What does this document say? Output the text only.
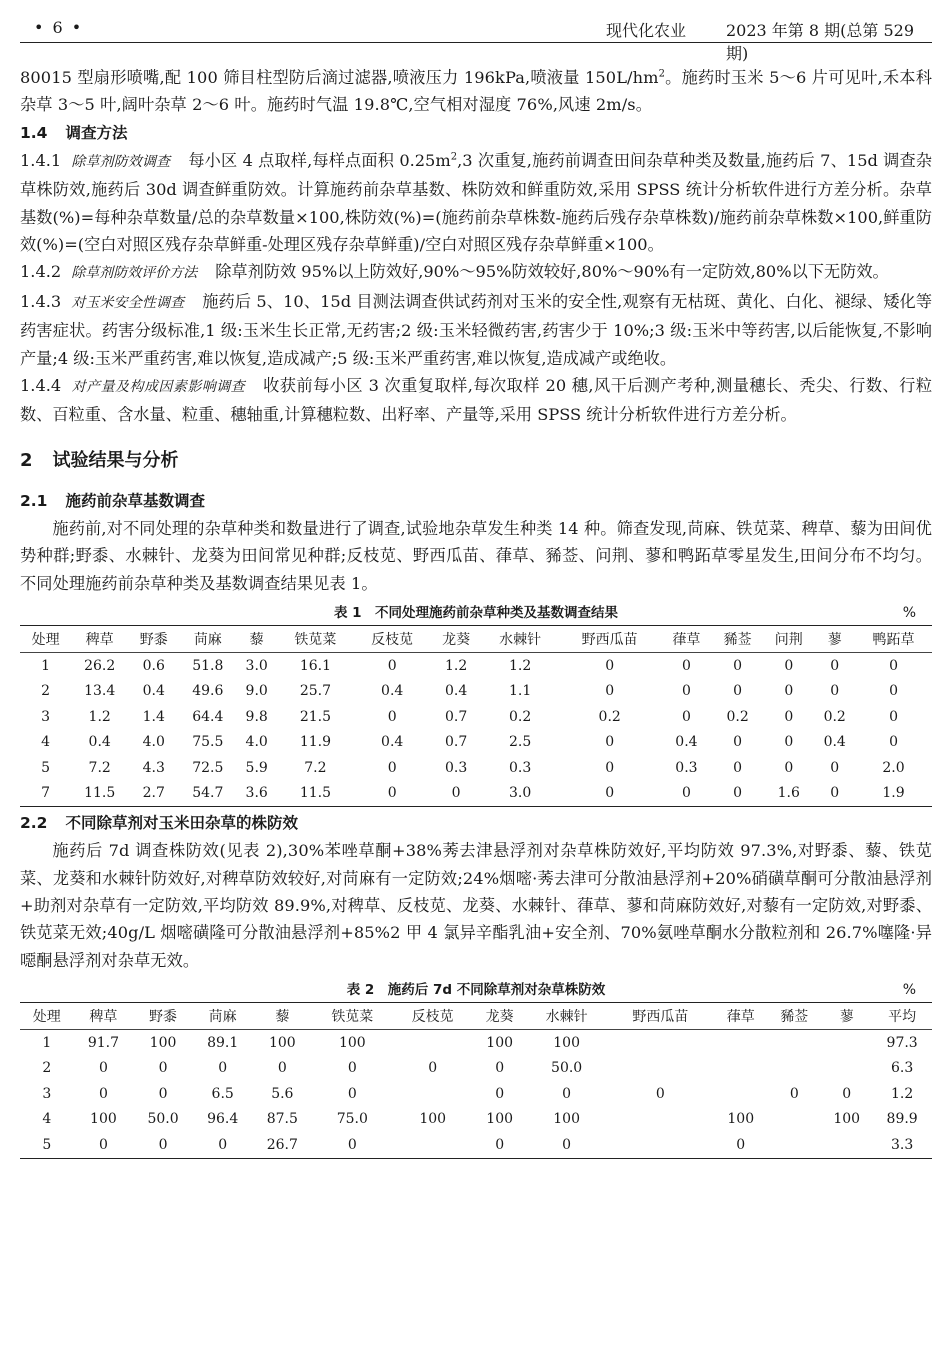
• 6 •	现代化农业 2023 年第 8 期(总第 529 期)

80015 型扇形喷嘴,配 100 筛目柱型防后滴过滤器,喷液压力 196kPa,喷液量 $150L/hm^2$。施药时玉米 5～6 片可见叶,禾本科杂草 3～5 叶,阔叶杂草 2～6 叶。施药时气温 19.8℃,空气相对湿度 76%,风速 2m/s。

1.4 调查方法

1.4.1 除草剂防效调查 每小区 4 点取样,每样点面积 $0.25m^2,3$ 次重复,施药前调查田间杂草种类及数量,施药后 7、15d 调查杂草株防效,施药后 30d 调查鲜重防效。计算施药前杂草基数、株防效和鲜重防效,采用 SPSS 统计分析软件进行方差分析。杂草基数(%)=每种杂草数量/总的杂草数量×100,株防效(%)=(施药前杂草株数-施药后残存杂草株数)/施药前杂草株数×100,鲜重防效(%)=(空白对照区残存杂草鲜重-处理区残存杂草鲜重)/空白对照区残存杂草鲜重×100。

1.4.2 除草剂防效评价方法 除草剂防效 95%以上防效好,90%～95%防效较好,80%～90%有一定防效,80%以下无防效。

1.4.3 对玉米安全性调查 施药后 5、10、15d 目测法调查供试药剂对玉米的安全性,观察有无枯斑、黄化、白化、褪绿、矮化等药害症状。药害分级标准,1 级:玉米生长正常,无药害;2 级:玉米轻微药害,药害少于 10%;3 级:玉米中等药害,以后能恢复,不影响产量;4 级:玉米严重药害,难以恢复,造成减产;5 级:玉米严重药害,难以恢复,造成减产或绝收。

1.4.4 对产量及构成因素影响调查 收获前每小区 3 次重复取样,每次取样 20 穗,风干后测产考种,测量穗长、秃尖、行数、行粒数、百粒重、含水量、粒重、穗轴重,计算穗粒数、出籽率、产量等,采用 SPSS 统计分析软件进行方差分析。

2 试验结果与分析
2.1 施药前杂草基数调查

施药前,对不同处理的杂草种类和数量进行了调查,试验地杂草发生种类 14 种。筛查发现,苘麻、铁苋菜、稗草、藜为田间优势种群;野黍、水棘针、龙葵为田间常见种群;反枝苋、野西瓜苗、葎草、豨莶、问荆、蓼和鸭跖草零星发生,田间分布不均匀。不同处理施药前杂草种类及基数调查结果见表 1。

表 1　不同处理施药前杂草种类及基数调查结果	%
处理	稗草	野黍	苘麻	藜	铁苋菜	反枝苋	龙葵	水棘针	野西瓜苗	葎草	豨莶	问荆	蓼	鸭跖草
1	26.2	0.6	51.8	3.0	16.1	0	1.2	1.2	0	0	0	0	0	0
2	13.4	0.4	49.6	9.0	25.7	0.4	0.4	1.1	0	0	0	0	0	0
3	1.2	1.4	64.4	9.8	21.5	0	0.7	0.2	0.2	0	0.2	0	0.2	0
4	0.4	4.0	75.5	4.0	11.9	0.4	0.7	2.5	0	0.4	0	0	0.4	0
5	7.2	4.3	72.5	5.9	7.2	0	0.3	0.3	0	0.3	0	0	0	2.0
7	11.5	2.7	54.7	3.6	11.5	0	0	3.0	0	0	0	1.6	0	1.9
2.2 不同除草剂对玉米田杂草的株防效

施药后 7d 调查株防效(见表 2),30%苯唑草酮+38%莠去津悬浮剂对杂草株防效好,平均防效 97.3%,对野黍、藜、铁苋菜、龙葵和水棘针防效好,对稗草防效较好,对苘麻有一定防效;24%烟嘧·莠去津可分散油悬浮剂+20%硝磺草酮可分散油悬浮剂+助剂对杂草有一定防效,平均防效 89.9%,对稗草、反枝苋、龙葵、水棘针、葎草、蓼和苘麻防效好,对藜有一定防效,对野黍、铁苋菜无效;40g/L 烟嘧磺隆可分散油悬浮剂+85%2 甲 4 氯异辛酯乳油+安全剂、70%氨唑草酮水分散粒剂和 26.7%噻隆·异噁酮悬浮剂对杂草无效。

表 2　施药后 7d 不同除草剂对杂草株防效	%
处理	稗草	野黍	苘麻	藜	铁苋菜	反枝苋	龙葵	水棘针	野西瓜苗	葎草	豨莶	蓼	平均
1	91.7	100	89.1	100	100		100	100					97.3
2	0	0	0	0	0	0	0	50.0					6.3
3	0	0	6.5	5.6	0		0	0	0		0	0	1.2
4	100	50.0	96.4	87.5	75.0	100	100	100		100		100	89.9
5	0	0	0	26.7	0		0	0		0			3.3
